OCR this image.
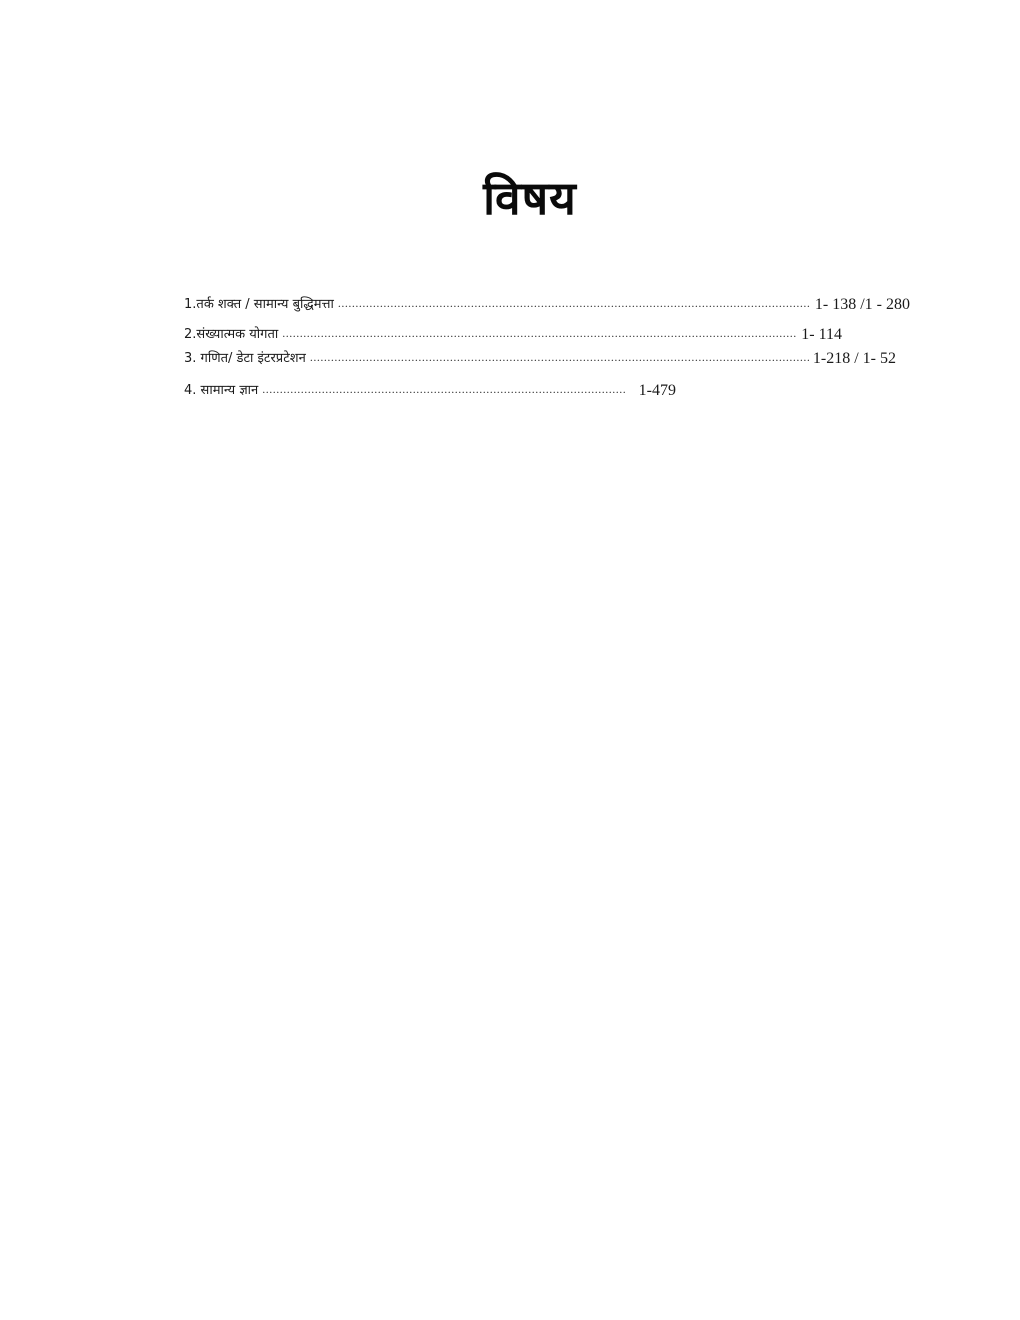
विषय
1.तर्क शक्त / सामान्य बुद्धिमत्ता .....	1- 138 /1 - 280
2.संख्यात्मक योगता .....	1- 114
3. गणित/ डेटा इंटरप्रटेशन .....	1-218 / 1- 52
4. सामान्य ज्ञान .....	1-479
